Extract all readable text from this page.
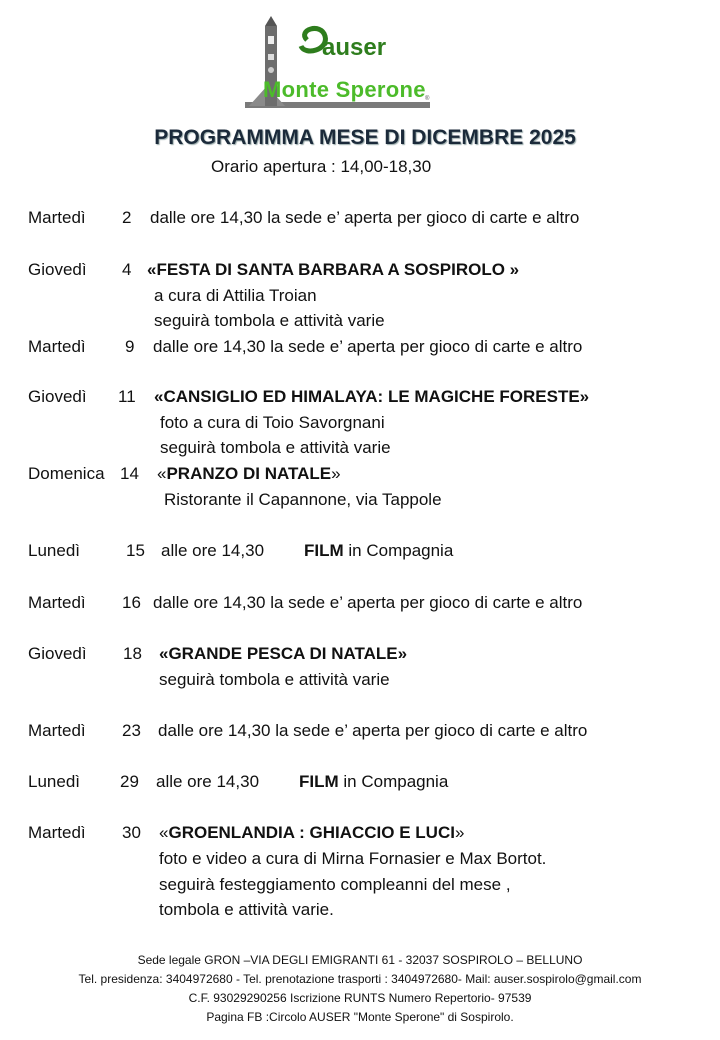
auser
Monte Sperone ®
PROGRAMMMA MESE DI DICEMBRE 2025
Orario apertura : 14,00-18,30
Martedì 2 dalle ore 14,30 la sede e’ aperta per gioco di carte e altro
Giovedì 4 «FESTA DI SANTA BARBARA A SOSPIROLO »
a cura di Attilia Troian
seguirà tombola e attività varie
Martedì 9 dalle ore 14,30 la sede e’ aperta per gioco di carte e altro
Giovedì 11 «CANSIGLIO ED HIMALAYA: LE MAGICHE FORESTE»
foto a cura di Toio Savorgnani
seguirà tombola e attività varie
Domenica 14 «PRANZO DI NATALE»
Ristorante il Capannone, via Tappole
Lunedì	15 alle ore 14,30 FILM in Compagnia
Martedì 16 dalle ore 14,30 la sede e’ aperta per gioco di carte e altro
Giovedì 18 «GRANDE PESCA DI NATALE»
seguirà tombola e attività varie
Martedì 23 dalle ore 14,30 la sede e’ aperta per gioco di carte e altro
Lunedì 29 alle ore 14,30 FILM in Compagnia
Martedì 30 «GROENLANDIA : GHIACCIO E LUCI»
foto e video a cura di Mirna Fornasier e Max Bortot.
seguirà festeggiamento compleanni del mese ,
tombola e attività varie.
Sede legale GRON –VIA DEGLI EMIGRANTI 61 - 32037 SOSPIROLO – BELLUNO
Tel. presidenza: 3404972680 - Tel. prenotazione trasporti : 3404972680- Mail: auser.sospirolo@gmail.com
C.F. 93029290256 Iscrizione RUNTS Numero Repertorio- 97539
Pagina FB :Circolo AUSER "Monte Sperone" di Sospirolo.
